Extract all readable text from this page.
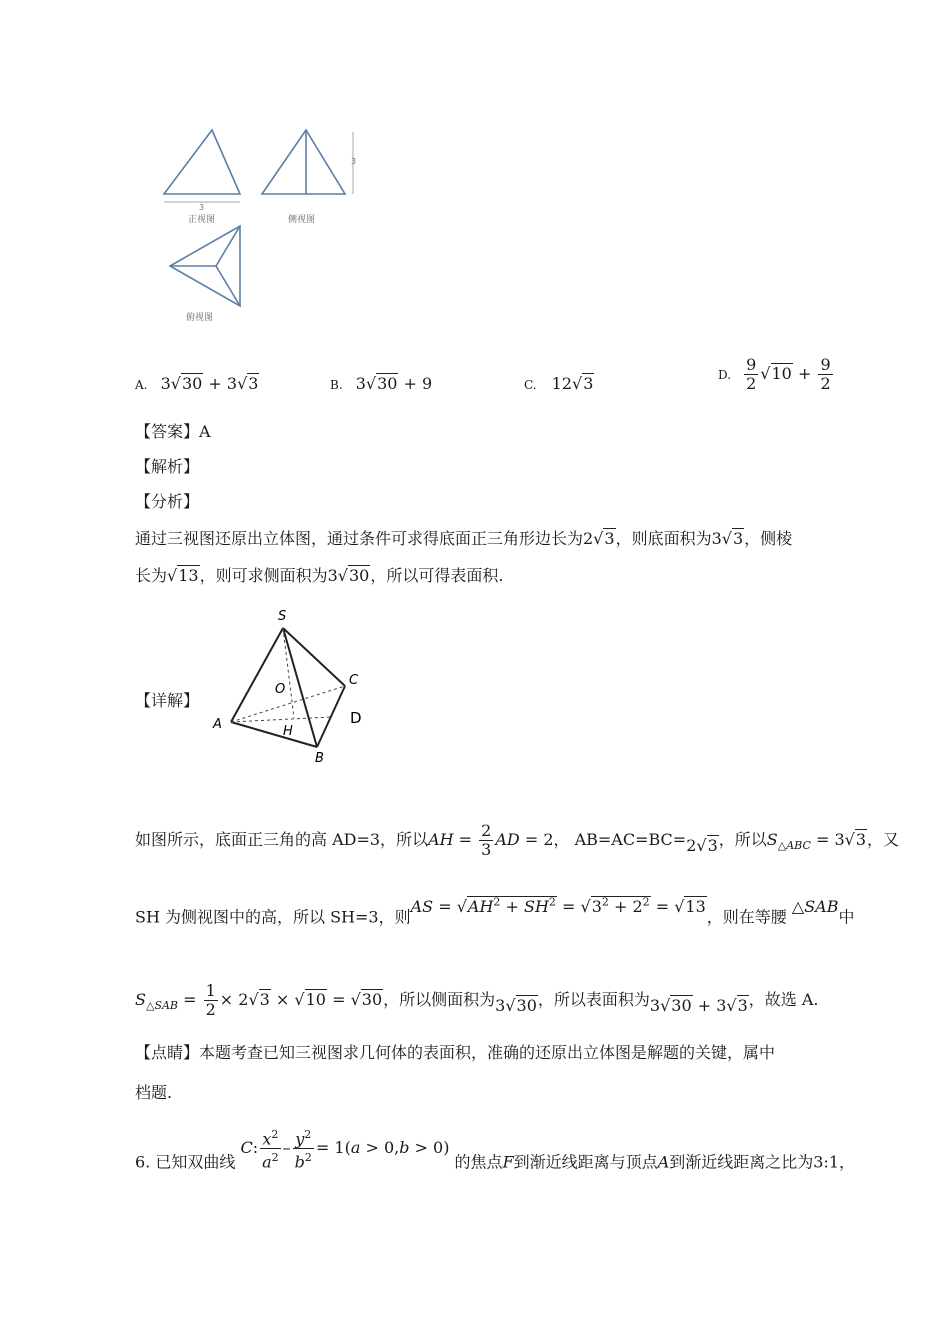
3
正视图
3
侧视图
俯视图
A. 3√30 + 3√3	B. 3√30 + 9	C. 12√3	D. $\frac{9}{2} √10 + \frac{9}{2}$
【答案】A
【解析】
【分析】
通过三视图还原出立体图，通过条件可求得底面正三角形边长为2√3，则底面积为3√3，侧棱
长为√13，则可求侧面积为3√30，所以可得表面积.
【详解】
S
O
C
A	H
B
D
如图所示，底面正三角的高 AD=3，所以AH = $\frac{2}{3}$ AD = 2， AB=AC=BC=2√3，所以$S_{\triangle ABC} = 3√3$，又
SH 为侧视图中的高，所以 SH=3，则AS = $√AH^2 + SH^2 = √3^2 + 2^2 = √13$，则在等腰 △SAB中
$S_{\triangle SAB} = \frac{1}{2} \times 2√3 \times √10 = √30$，所以侧面积为3√30，所以表面积为3√30 + 3√3，故选 A.
【点睛】本题考查已知三视图求几何体的表面积，准确的还原出立体图是解题的关键，属中
档题.
6. 已知双曲线 C: $\frac{x^2}{a^2} - \frac{y^2}{b^2} = 1(a > 0,b > 0)$ 的焦点F到渐近线距离与顶点A到渐近线距离之比为3:1，
